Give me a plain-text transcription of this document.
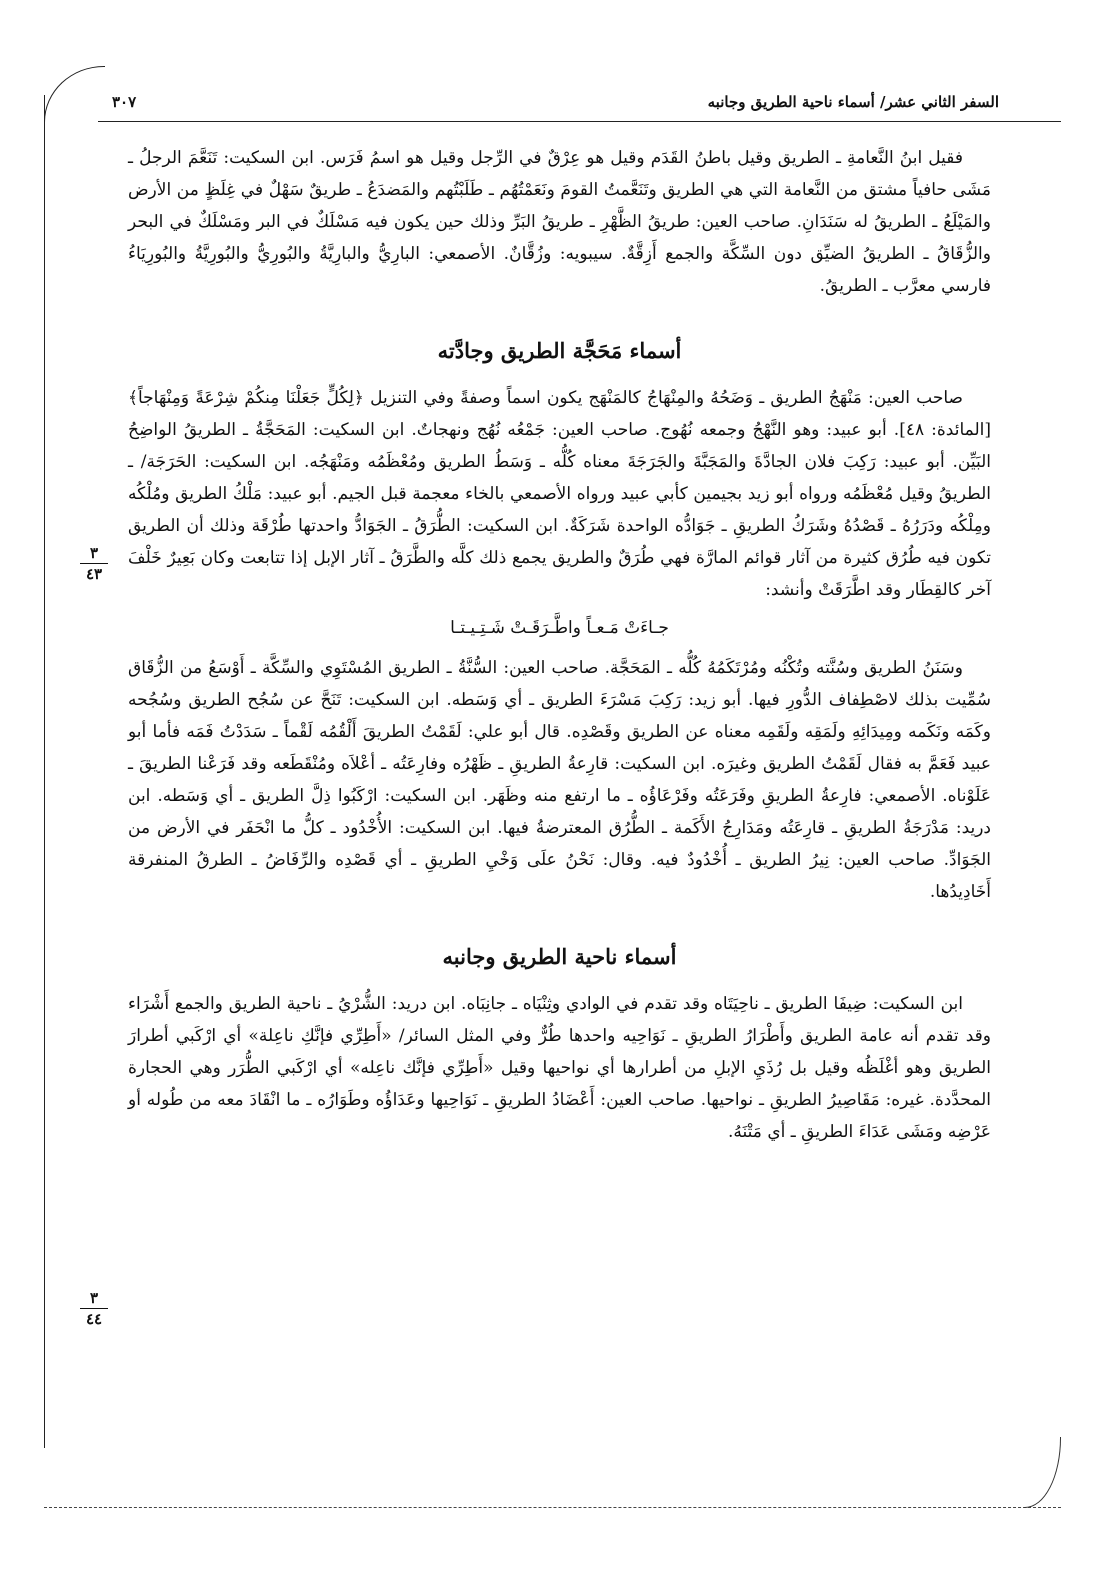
السفر الثاني عشر/ أسماء ناحية الطريق وجانبه
٣٠٧
٣
٤٣
٣
٤٤

فقيل ابنُ النَّعامةِ ـ الطريق وقيل باطنُ القَدَم وقيل هو عِرْقٌ في الرِّجل وقيل هو اسمُ فَرَس. ابن السكيت: تَنَعَّمَ الرجلُ ـ مَشَى حافياً مشتق من النَّعامة التي هي الطريق وتَنَعَّمتُ القومَ ونَعَمْتُهُم ـ طَلَبْتُهم والمَضدَعُ ـ طريقٌ سَهْلٌ في غِلَظٍ من الأرض والمَيْلَعُ ـ الطريقُ له سَنَدَانِ. صاحب العين: طريقُ الظَّهْرِ ـ طريقُ البَرِّ وذلك حين يكون فيه مَسْلَكٌ في البر ومَسْلَكٌ في البحر والزُّقَاقُ ـ الطريقُ الضيِّق دون السِّكَّة والجمع أَزِقَّةٌ. سيبويه: وزُقَّانٌ. الأصمعي: البارِيُّ والبارِيَّةُ والبُورِيُّ والبُورِيَّةُ والبُورِيَاءُ فارسي معرَّب ـ الطريقُ.

أسماء مَحَجَّة الطريق وجادَّته

صاحب العين: مَنْهَجُ الطريق ـ وَضَحُهُ والمِنْهَاجُ كالمَنْهَج يكون اسماً وصفةً وفي التنزيل ﴿لِكُلٍّ جَعَلْنَا مِنكُمْ شِرْعَةً وَمِنْهَاجاً﴾ [المائدة: ٤٨]. أبو عبيد: وهو النَّهْجُ وجمعه نُهُوج. صاحب العين: جَمْعُه نُهُج ونهجاتٌ. ابن السكيت: المَحَجَّةُ ـ الطريقُ الواضِحُ البَيِّن. أبو عبيد: رَكِبَ فلان الجادَّةَ والمَجَبَّةَ والجَرَجَةَ معناه كُلُّه ـ وَسَطُ الطريق ومُعْظَمُه ومَنْهَجُه. ابن السكيت: الحَرَجَة/ ـ الطريقُ وقيل مُعْظَمُه ورواه أبو زيد بجيمين كأبي عبيد ورواه الأصمعي بالخاء معجمة قبل الجيم. أبو عبيد: مَلْكُ الطريق ومُلْكُه ومِلْكُه ودَرَرُهُ ـ قَصْدُهُ وشَرَكُ الطريقِ ـ جَوَادُّه الواحدة شَرَكَةٌ. ابن السكيت: الطُّرَقُ ـ الجَوَادُّ واحدتها طُرْقَة وذلك أن الطريق تكون فيه طُرُق كثيرة من آثار قوائم المارَّة فهي طُرَقٌ والطريق يجمع ذلك كلَّه والطَّرَقُ ـ آثار الإبل إذا تتابعت وكان بَعِيرٌ خَلْفَ آخر كالقِطَار وقد اطَّرَقَتْ وأنشد:

جـاءَتْ مَـعـاً واطَّـرَقَـتْ شَـتِـيـتـا

وسَنَنُ الطريق وسُنَّته وتُكْنُه ومُرْتَكَمُهُ كُلُّه ـ المَحَجَّة. صاحب العين: السُّنَّةُ ـ الطريق المُسْتَوِي والسِّكَّة ـ أَوْسَعُ من الزُّقَاق سُمِّيت بذلك لاصْطِفاف الدُّورِ فيها. أبو زيد: رَكِبَ مَسْرَءَ الطريق ـ أي وَسَطه. ابن السكيت: تَنَحَّ عن سُجُح الطريق وسُجُحه وكَمَه ونَكَمه ومِيدَائِهِ ولَمَقِه ولَقَمِه معناه عن الطريق وقَصْدِه. قال أبو علي: لَقَمْتُ الطريقَ أَلْقُمُه لَقْماً ـ سَدَدْتُ فَمَه فأما أبو عبيد فَعَمَّ به فقال لَقَمْتُ الطريق وغيرَه. ابن السكيت: قارِعةُ الطريقِ ـ ظَهْرُه وفارِعَتُه ـ أعْلاَه ومُنْقَطَعه وقد فَرَعْنا الطريقَ ـ عَلَوْناه. الأصمعي: فارِعةُ الطريقِ وفَرَعَتُه وفَرْعَاؤُه ـ ما ارتفع منه وظَهَر. ابن السكيت: ارْكَبُوا ذِلَّ الطريق ـ أي وَسَطه. ابن دريد: مَدْرَجَةُ الطريقِ ـ قارِعَتُه ومَدَارِجُ الأَكَمة ـ الطُّرُق المعترضةُ فيها. ابن السكيت: الأُخْدُود ـ كلُّ ما انْحَفَر في الأرض من الجَوَادِّ. صاحب العين: نِيرُ الطريق ـ أُخْدُودٌ فيه. وقال: نَحْنُ علَى وَخْيِ الطريقِ ـ أي قَصْدِه والرِّفَاضُ ـ الطرقُ المنفرقة أَخَادِيدُها.

أسماء ناحية الطريق وجانبه

ابن السكيت: ضِيفَا الطريق ـ ناحِيَتَاه وقد تقدم في الوادي وثِنْيَاه ـ جانِبَاه. ابن دريد: الشُّرْيُ ـ ناحية الطريق والجمع أَشْرَاء وقد تقدم أنه عامة الطريق وأَطْرَارُ الطريقِ ـ نَوَاحِيه واحدها طُرٌّ وفي المثل السائر/ «أَطِرِّي فإنَّكِ ناعِلة» أي ارْكَبي أطرارَ الطريق وهو أغْلَظُه وقيل بل رُذَيِ الإبلِ من أطرارها أي نواحيها وقيل «أَطِرِّي فإنَّك ناعِله» أي ارْكَبي الطُّرَر وهي الحجارة المحدَّدة. غيره: مَقَاصِيرُ الطريقِ ـ نواحيها. صاحب العين: أَعْضَادُ الطريقِ ـ نَوَاحِيها وعَدَاؤُه وطَوَارُه ـ ما انْقَادَ معه من طُوله أو عَرْضِه ومَشَى عَدَاءَ الطريقِ ـ أي مَتْنَهُ.
